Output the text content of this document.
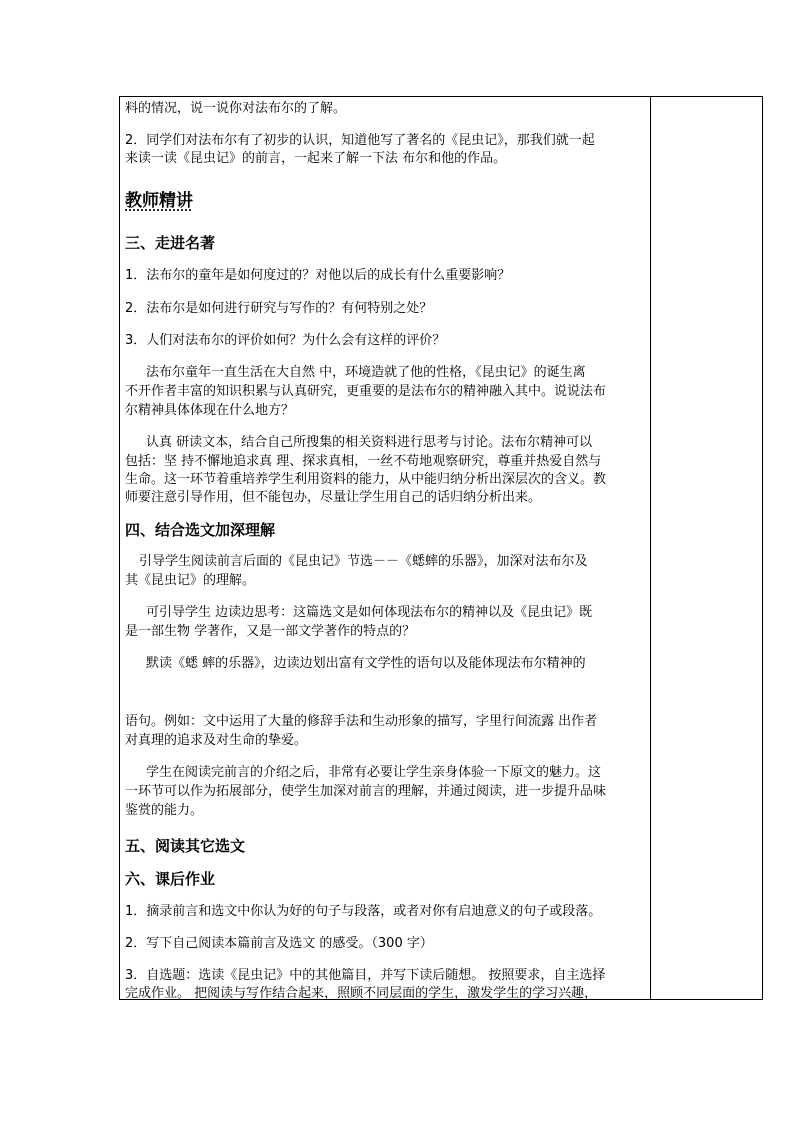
料的情况，说一说你对法布尔的了解。
2．同学们对法布尔有了初步的认识，知道他写了著名的《昆虫记》，那我们就一起
来读一读《昆虫记》的前言，一起来了解一下法 布尔和他的作品。
教师精讲
三、走进名著
1．法布尔的童年是如何度过的？对他以后的成长有什么重要影响？
2．法布尔是如何进行研究与写作的？有何特别之处？
3．人们对法布尔的评价如何？为什么会有这样的评价？
法布尔童年一直生活在大自然 中，环境造就了他的性格，《昆虫记》的诞生离
不开作者丰富的知识积累与认真研究，更重要的是法布尔的精神融入其中。说说法布
尔精神具体体现在什么地方？
认真 研读文本，结合自己所搜集的相关资料进行思考与讨论。法布尔精神可以
包括：坚 持不懈地追求真 理、探求真相，一丝不苟地观察研究，尊重并热爱自然与
生命。这一环节着重培养学生利用资料的能力，从中能归纳分析出深层次的含义。教
师要注意引导作用，但不能包办，尽量让学生用自己的话归纳分析出来。
四、结合选文加深理解
引导学生阅读前言后面的《昆虫记》节选－－《蟋蟀的乐器》，加深对法布尔及
其《昆虫记》的理解。
可引导学生 边读边思考：这篇选文是如何体现法布尔的精神以及《昆虫记》既
是一部生物 学著作，又是一部文学著作的特点的？
默读《蟋 蟀的乐器》，边读边划出富有文学性的语句以及能体现法布尔精神的
语句。例如：文中运用了大量的修辞手法和生动形象的描写，字里行间流露 出作者
对真理的追求及对生命的挚爱。
学生在阅读完前言的介绍之后，非常有必要让学生亲身体验一下原文的魅力。这
一环节可以作为拓展部分，使学生加深对前言的理解，并通过阅读，进一步提升品味
鉴赏的能力。
五、阅读其它选文
六、课后作业
1．摘录前言和选文中你认为好的句子与段落，或者对你有启迪意义的句子或段落。
2．写下自己阅读本篇前言及选文 的感受。（300 字）
3．自选题：选读《昆虫记》中的其他篇目，并写下读后随想。 按照要求，自主选择
完成作业。 把阅读与写作结合起来，照顾不同层面的学生，激发学生的学习兴趣，
